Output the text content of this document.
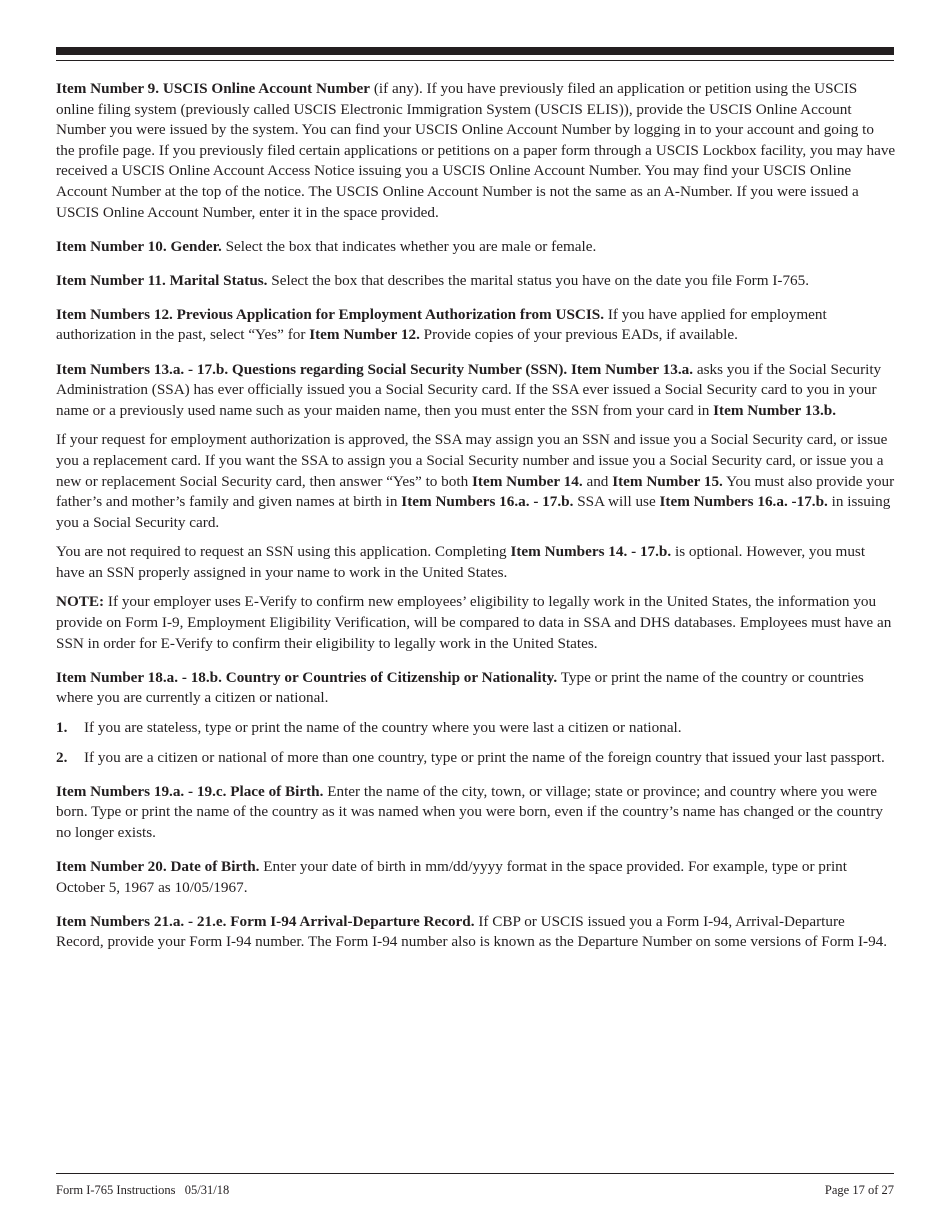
Item Number 9. USCIS Online Account Number (if any). If you have previously filed an application or petition using the USCIS online filing system (previously called USCIS Electronic Immigration System (USCIS ELIS)), provide the USCIS Online Account Number you were issued by the system. You can find your USCIS Online Account Number by logging in to your account and going to the profile page. If you previously filed certain applications or petitions on a paper form through a USCIS Lockbox facility, you may have received a USCIS Online Account Access Notice issuing you a USCIS Online Account Number. You may find your USCIS Online Account Number at the top of the notice. The USCIS Online Account Number is not the same as an A-Number. If you were issued a USCIS Online Account Number, enter it in the space provided.

Item Number 10. Gender. Select the box that indicates whether you are male or female.

Item Number 11. Marital Status. Select the box that describes the marital status you have on the date you file Form I-765.

Item Numbers 12. Previous Application for Employment Authorization from USCIS. If you have applied for employment authorization in the past, select “Yes” for Item Number 12. Provide copies of your previous EADs, if available.

Item Numbers 13.a. - 17.b. Questions regarding Social Security Number (SSN). Item Number 13.a. asks you if the Social Security Administration (SSA) has ever officially issued you a Social Security card. If the SSA ever issued a Social Security card to you in your name or a previously used name such as your maiden name, then you must enter the SSN from your card in Item Number 13.b.

If your request for employment authorization is approved, the SSA may assign you an SSN and issue you a Social Security card, or issue you a replacement card. If you want the SSA to assign you a Social Security number and issue you a Social Security card, or issue you a new or replacement Social Security card, then answer “Yes” to both Item Number 14. and Item Number 15. You must also provide your father’s and mother’s family and given names at birth in Item Numbers 16.a. - 17.b. SSA will use Item Numbers 16.a. -17.b. in issuing you a Social Security card.

You are not required to request an SSN using this application. Completing Item Numbers 14. - 17.b. is optional. However, you must have an SSN properly assigned in your name to work in the United States.

NOTE: If your employer uses E-Verify to confirm new employees’ eligibility to legally work in the United States, the information you provide on Form I-9, Employment Eligibility Verification, will be compared to data in SSA and DHS databases. Employees must have an SSN in order for E-Verify to confirm their eligibility to legally work in the United States.

Item Number 18.a. - 18.b. Country or Countries of Citizenship or Nationality. Type or print the name of the country or countries where you are currently a citizen or national.

1. If you are stateless, type or print the name of the country where you were last a citizen or national.
2. If you are a citizen or national of more than one country, type or print the name of the foreign country that issued your last passport.

Item Numbers 19.a. - 19.c. Place of Birth. Enter the name of the city, town, or village; state or province; and country where you were born. Type or print the name of the country as it was named when you were born, even if the country’s name has changed or the country no longer exists.

Item Number 20. Date of Birth. Enter your date of birth in mm/dd/yyyy format in the space provided. For example, type or print October 5, 1967 as 10/05/1967.

Item Numbers 21.a. - 21.e. Form I-94 Arrival-Departure Record. If CBP or USCIS issued you a Form I-94, Arrival-Departure Record, provide your Form I-94 number. The Form I-94 number also is known as the Departure Number on some versions of Form I-94.

Form I-765 Instructions   05/31/18	Page 17 of 27
